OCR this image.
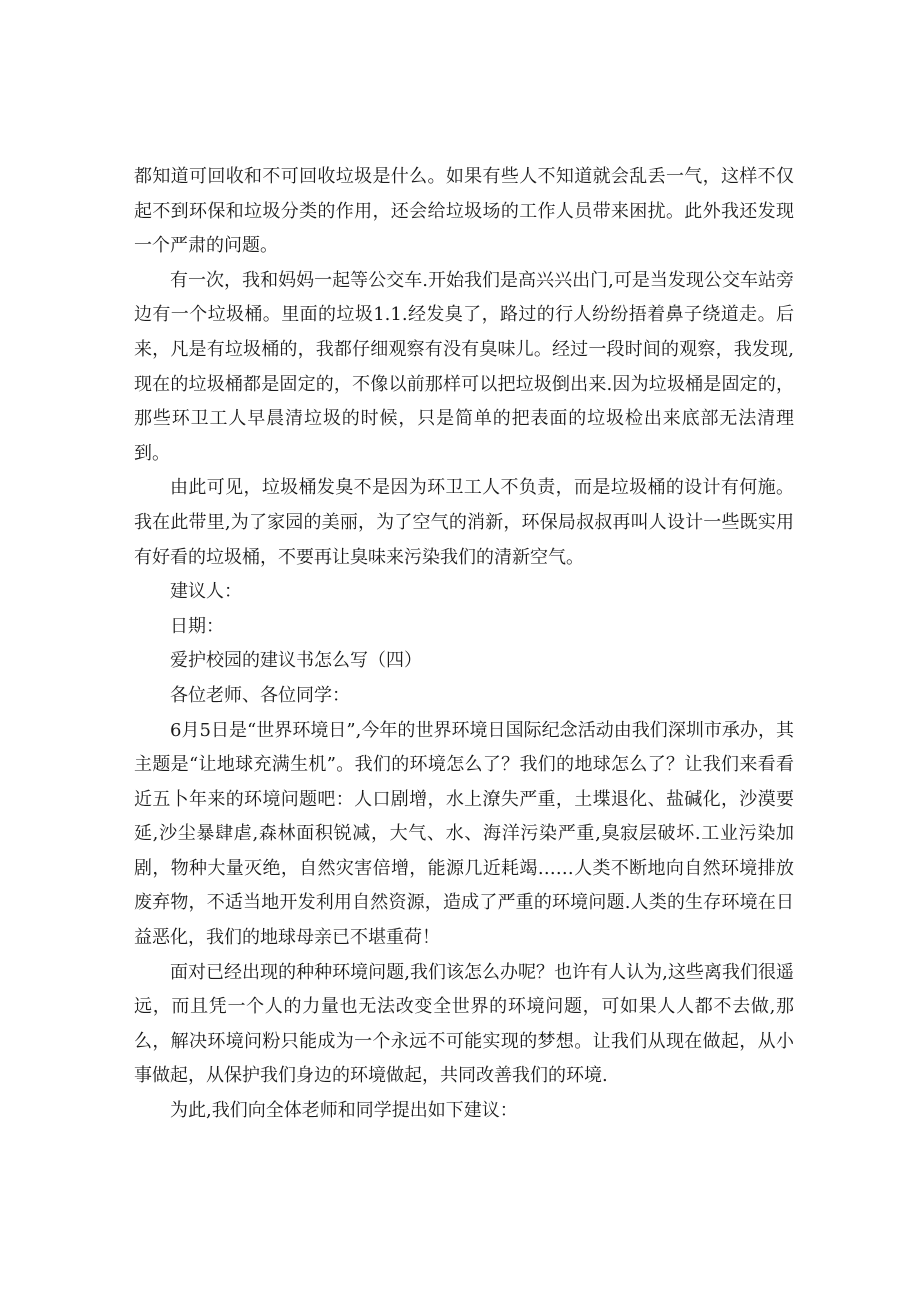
都知道可回收和不可回收垃圾是什么。如果有些人不知道就会乱丢一气，这样不仅起不到环保和垃圾分类的作用，还会给垃圾场的工作人员带来困扰。此外我还发现一个严肃的问题。

有一次，我和妈妈一起等公交车.开始我们是高兴兴出门,可是当发现公交车站旁边有一个垃圾桶。里面的垃圾1.1.经发臭了，路过的行人纷纷捂着鼻子绕道走。后来，凡是有垃圾桶的，我都仔细观察有没有臭味儿。经过一段时间的观察，我发现,现在的垃圾桶都是固定的，不像以前那样可以把垃圾倒出来.因为垃圾桶是固定的，那些环卫工人早晨清垃圾的时候，只是简单的把表面的垃圾检出来底部无法清理到。

由此可见，垃圾桶发臭不是因为环卫工人不负责，而是垃圾桶的设计有何施。我在此带里,为了家园的美丽，为了空气的消新，环保局叔叔再叫人设计一些既实用有好看的垃圾桶，不要再让臭味来污染我们的清新空气。

建议人：

日期：

爱护校园的建议书怎么写（四）

各位老师、各位同学：

6月5日是“世界环境日”,今年的世界环境日国际纪念活动由我们深圳市承办，其主题是“让地球充满生机”。我们的环境怎么了？我们的地球怎么了？让我们来看看近五卜年来的环境问题吧：人口剧增，水上潦失严重，土堞退化、盐碱化，沙漠要延,沙尘暴肆虐,森林面积锐减，大气、水、海洋污染严重,臭寂层破坏.工业污染加剧，物种大量灭绝，自然灾害倍增，能源几近耗竭……人类不断地向自然环境排放废弃物，不适当地开发利用自然资源，造成了严重的环境问题.人类的生存环境在日益恶化，我们的地球母亲已不堪重荷！

面对已经出现的种种环境问题,我们该怎么办呢？也许有人认为,这些离我们很遥远，而且凭一个人的力量也无法改变全世界的环境问题，可如果人人都不去做,那么，解决环境问粉只能成为一个永远不可能实现的梦想。让我们从现在做起，从小事做起，从保护我们身边的环境做起，共同改善我们的环境.

为此,我们向全体老师和同学提出如下建议：
